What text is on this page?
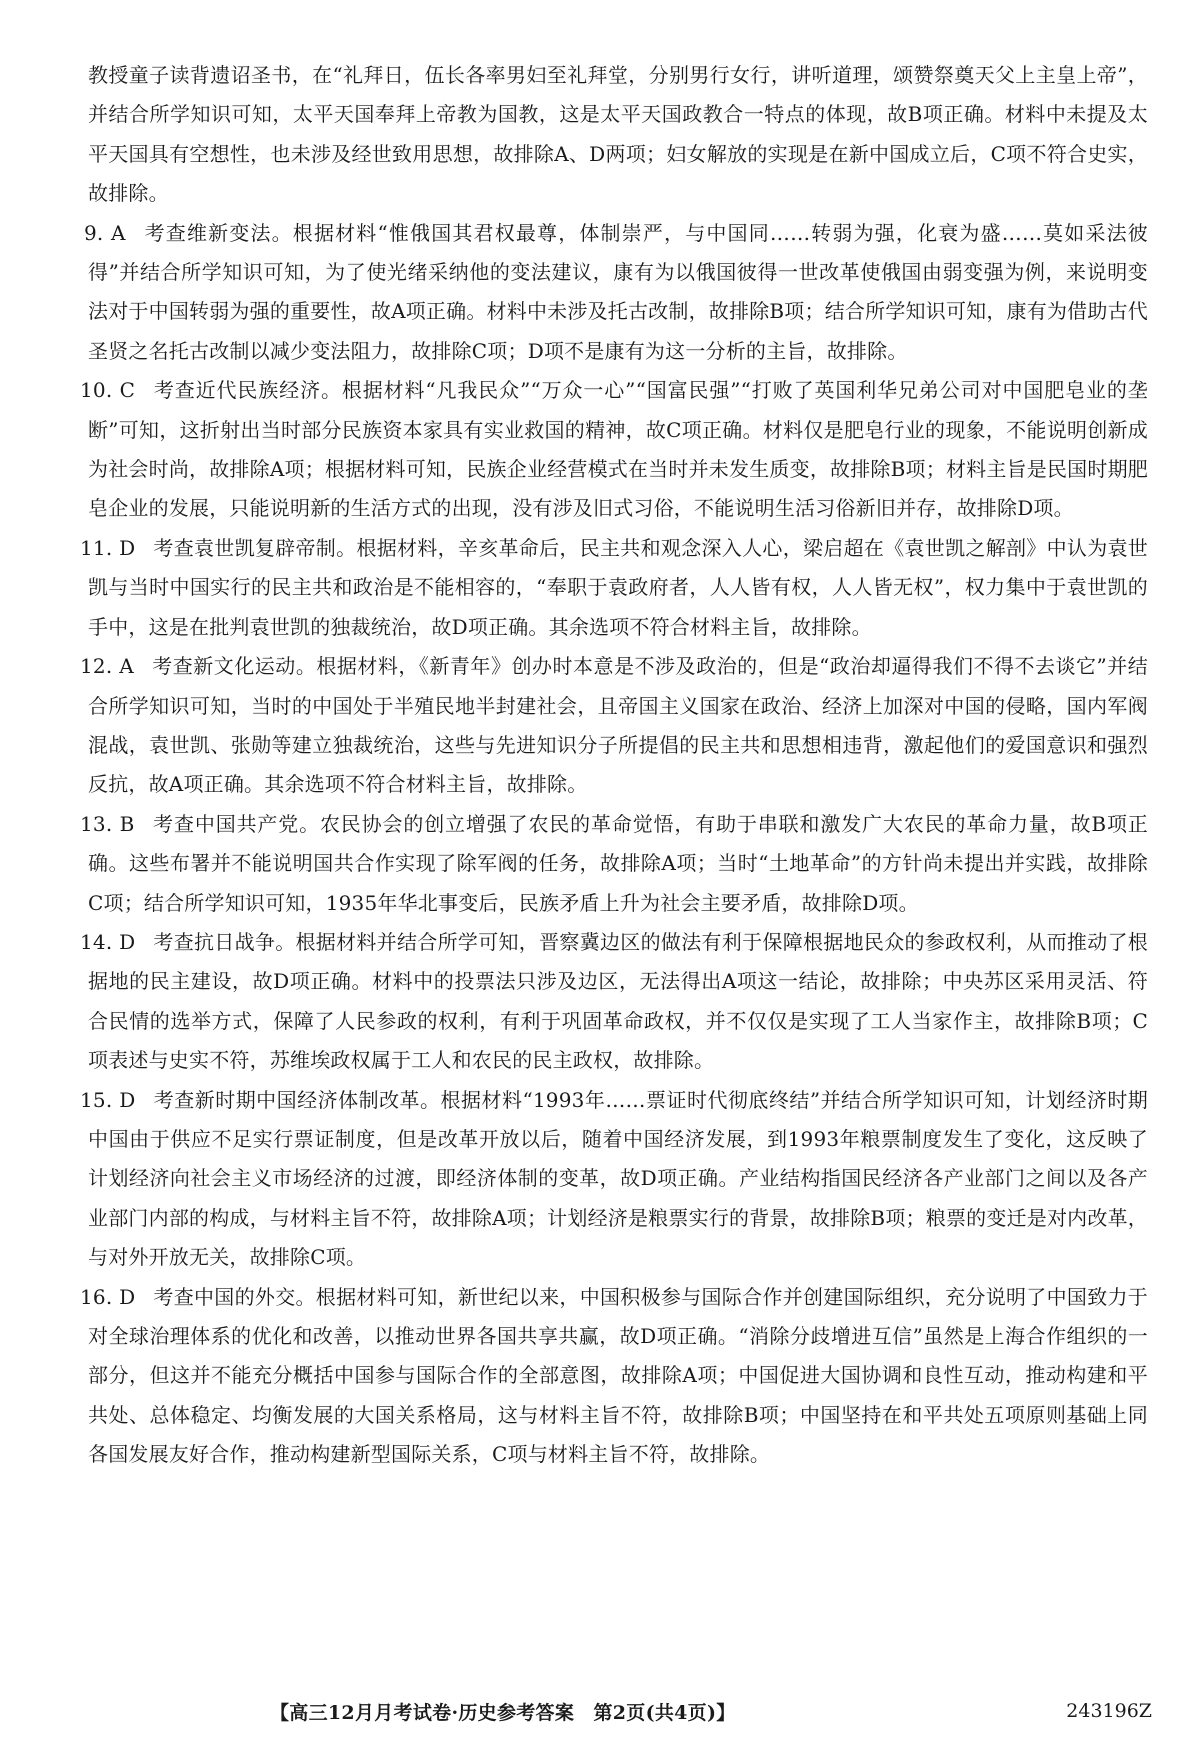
教授童子读背遗诏圣书，在“礼拜日，伍长各率男妇至礼拜堂，分别男行女行，讲听道理，颂赞祭奠天父上主皇上帝”，并结合所学知识可知，太平天国奉拜上帝教为国教，这是太平天国政教合一特点的体现，故B项正确。材料中未提及太平天国具有空想性，也未涉及经世致用思想，故排除A、D两项；妇女解放的实现是在新中国成立后，C项不符合史实，故排除。

9. A 考查维新变法。根据材料“惟俄国其君权最尊，体制崇严，与中国同……转弱为强，化衰为盛……莫如采法彼得”并结合所学知识可知，为了使光绪采纳他的变法建议，康有为以俄国彼得一世改革使俄国由弱变强为例，来说明变法对于中国转弱为强的重要性，故A项正确。材料中未涉及托古改制，故排除B项；结合所学知识可知，康有为借助古代圣贤之名托古改制以减少变法阻力，故排除C项；D项不是康有为这一分析的主旨，故排除。

10. C 考查近代民族经济。根据材料“凡我民众”“万众一心”“国富民强”“打败了英国利华兄弟公司对中国肥皂业的垄断”可知，这折射出当时部分民族资本家具有实业救国的精神，故C项正确。材料仅是肥皂行业的现象，不能说明创新成为社会时尚，故排除A项；根据材料可知，民族企业经营模式在当时并未发生质变，故排除B项；材料主旨是民国时期肥皂企业的发展，只能说明新的生活方式的出现，没有涉及旧式习俗，不能说明生活习俗新旧并存，故排除D项。

11. D 考查袁世凯复辟帝制。根据材料，辛亥革命后，民主共和观念深入人心，梁启超在《袁世凯之解剖》中认为袁世凯与当时中国实行的民主共和政治是不能相容的，“奉职于袁政府者，人人皆有权，人人皆无权”，权力集中于袁世凯的手中，这是在批判袁世凯的独裁统治，故D项正确。其余选项不符合材料主旨，故排除。

12. A 考查新文化运动。根据材料，《新青年》创办时本意是不涉及政治的，但是“政治却逼得我们不得不去谈它”并结合所学知识可知，当时的中国处于半殖民地半封建社会，且帝国主义国家在政治、经济上加深对中国的侵略，国内军阀混战，袁世凯、张勋等建立独裁统治，这些与先进知识分子所提倡的民主共和思想相违背，激起他们的爱国意识和强烈反抗，故A项正确。其余选项不符合材料主旨，故排除。

13. B 考查中国共产党。农民协会的创立增强了农民的革命觉悟，有助于串联和激发广大农民的革命力量，故B项正确。这些布署并不能说明国共合作实现了除军阀的任务，故排除A项；当时“土地革命”的方针尚未提出并实践，故排除C项；结合所学知识可知，1935年华北事变后，民族矛盾上升为社会主要矛盾，故排除D项。

14. D 考查抗日战争。根据材料并结合所学可知，晋察冀边区的做法有利于保障根据地民众的参政权利，从而推动了根据地的民主建设，故D项正确。材料中的投票法只涉及边区，无法得出A项这一结论，故排除；中央苏区采用灵活、符合民情的选举方式，保障了人民参政的权利，有利于巩固革命政权，并不仅仅是实现了工人当家作主，故排除B项；C项表述与史实不符，苏维埃政权属于工人和农民的民主政权，故排除。

15. D 考查新时期中国经济体制改革。根据材料“1993年……票证时代彻底终结”并结合所学知识可知，计划经济时期中国由于供应不足实行票证制度，但是改革开放以后，随着中国经济发展，到1993年粮票制度发生了变化，这反映了计划经济向社会主义市场经济的过渡，即经济体制的变革，故D项正确。产业结构指国民经济各产业部门之间以及各产业部门内部的构成，与材料主旨不符，故排除A项；计划经济是粮票实行的背景，故排除B项；粮票的变迁是对内改革，与对外开放无关，故排除C项。

16. D 考查中国的外交。根据材料可知，新世纪以来，中国积极参与国际合作并创建国际组织，充分说明了中国致力于对全球治理体系的优化和改善，以推动世界各国共享共赢，故D项正确。“消除分歧增进互信”虽然是上海合作组织的一部分，但这并不能充分概括中国参与国际合作的全部意图，故排除A项；中国促进大国协调和良性互动，推动构建和平共处、总体稳定、均衡发展的大国关系格局，这与材料主旨不符，故排除B项；中国坚持在和平共处五项原则基础上同各国发展友好合作，推动构建新型国际关系，C项与材料主旨不符，故排除。

【高三12月月考试卷·历史参考答案　第2页(共4页)】	243196Z
